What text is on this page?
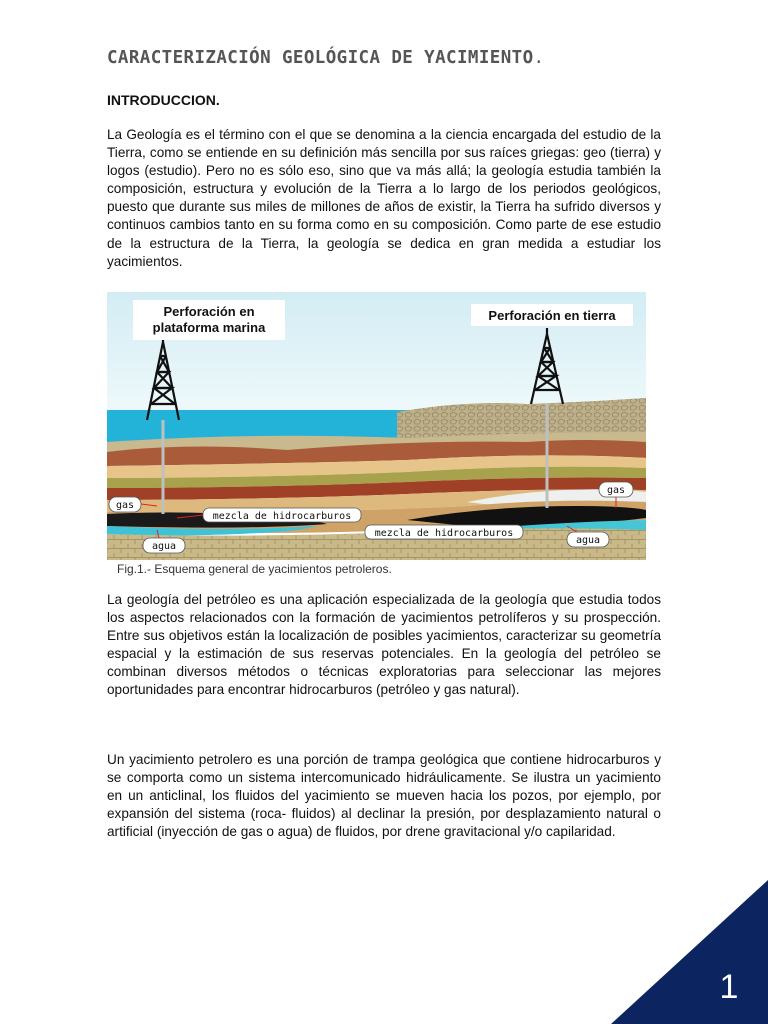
CARACTERIZACIÓN GEOLÓGICA DE YACIMIENTO.
INTRODUCCION.

La Geología es el término con el que se denomina a la ciencia encargada del estudio de la Tierra, como se entiende en su definición más sencilla por sus raíces griegas: geo (tierra) y logos (estudio). Pero no es sólo eso, sino que va más allá; la geología estudia también la composición, estructura y evolución de la Tierra a lo largo de los periodos geológicos, puesto que durante sus miles de millones de años de existir, la Tierra ha sufrido diversos y continuos cambios tanto en su forma como en su composición. Como parte de ese estudio de la estructura de la Tierra, la geología se dedica en gran medida a estudiar los yacimientos.

Perforación en
plataforma marina
Perforación en tierra
gas
mezcla de hidrocarburos
agua
mezcla de hidrocarburos
gas
agua

Fig.1.- Esquema general de yacimientos petroleros.

La geología del petróleo es una aplicación especializada de la geología que estudia todos los aspectos relacionados con la formación de yacimientos petrolíferos y su prospección. Entre sus objetivos están la localización de posibles yacimientos, caracterizar su geometría espacial y la estimación de sus reservas potenciales. En la geología del petróleo se combinan diversos métodos o técnicas exploratorias para seleccionar las mejores oportunidades para encontrar hidrocarburos (petróleo y gas natural).

Un yacimiento petrolero es una porción de trampa geológica que contiene hidrocarburos y se comporta como un sistema intercomunicado hidráulicamente. Se ilustra un yacimiento en un anticlinal, los fluidos del yacimiento se mueven hacia los pozos, por ejemplo, por expansión del sistema (roca- fluidos) al declinar la presión, por desplazamiento natural o artificial (inyección de gas o agua) de fluidos, por drene gravitacional y/o capilaridad.

1
